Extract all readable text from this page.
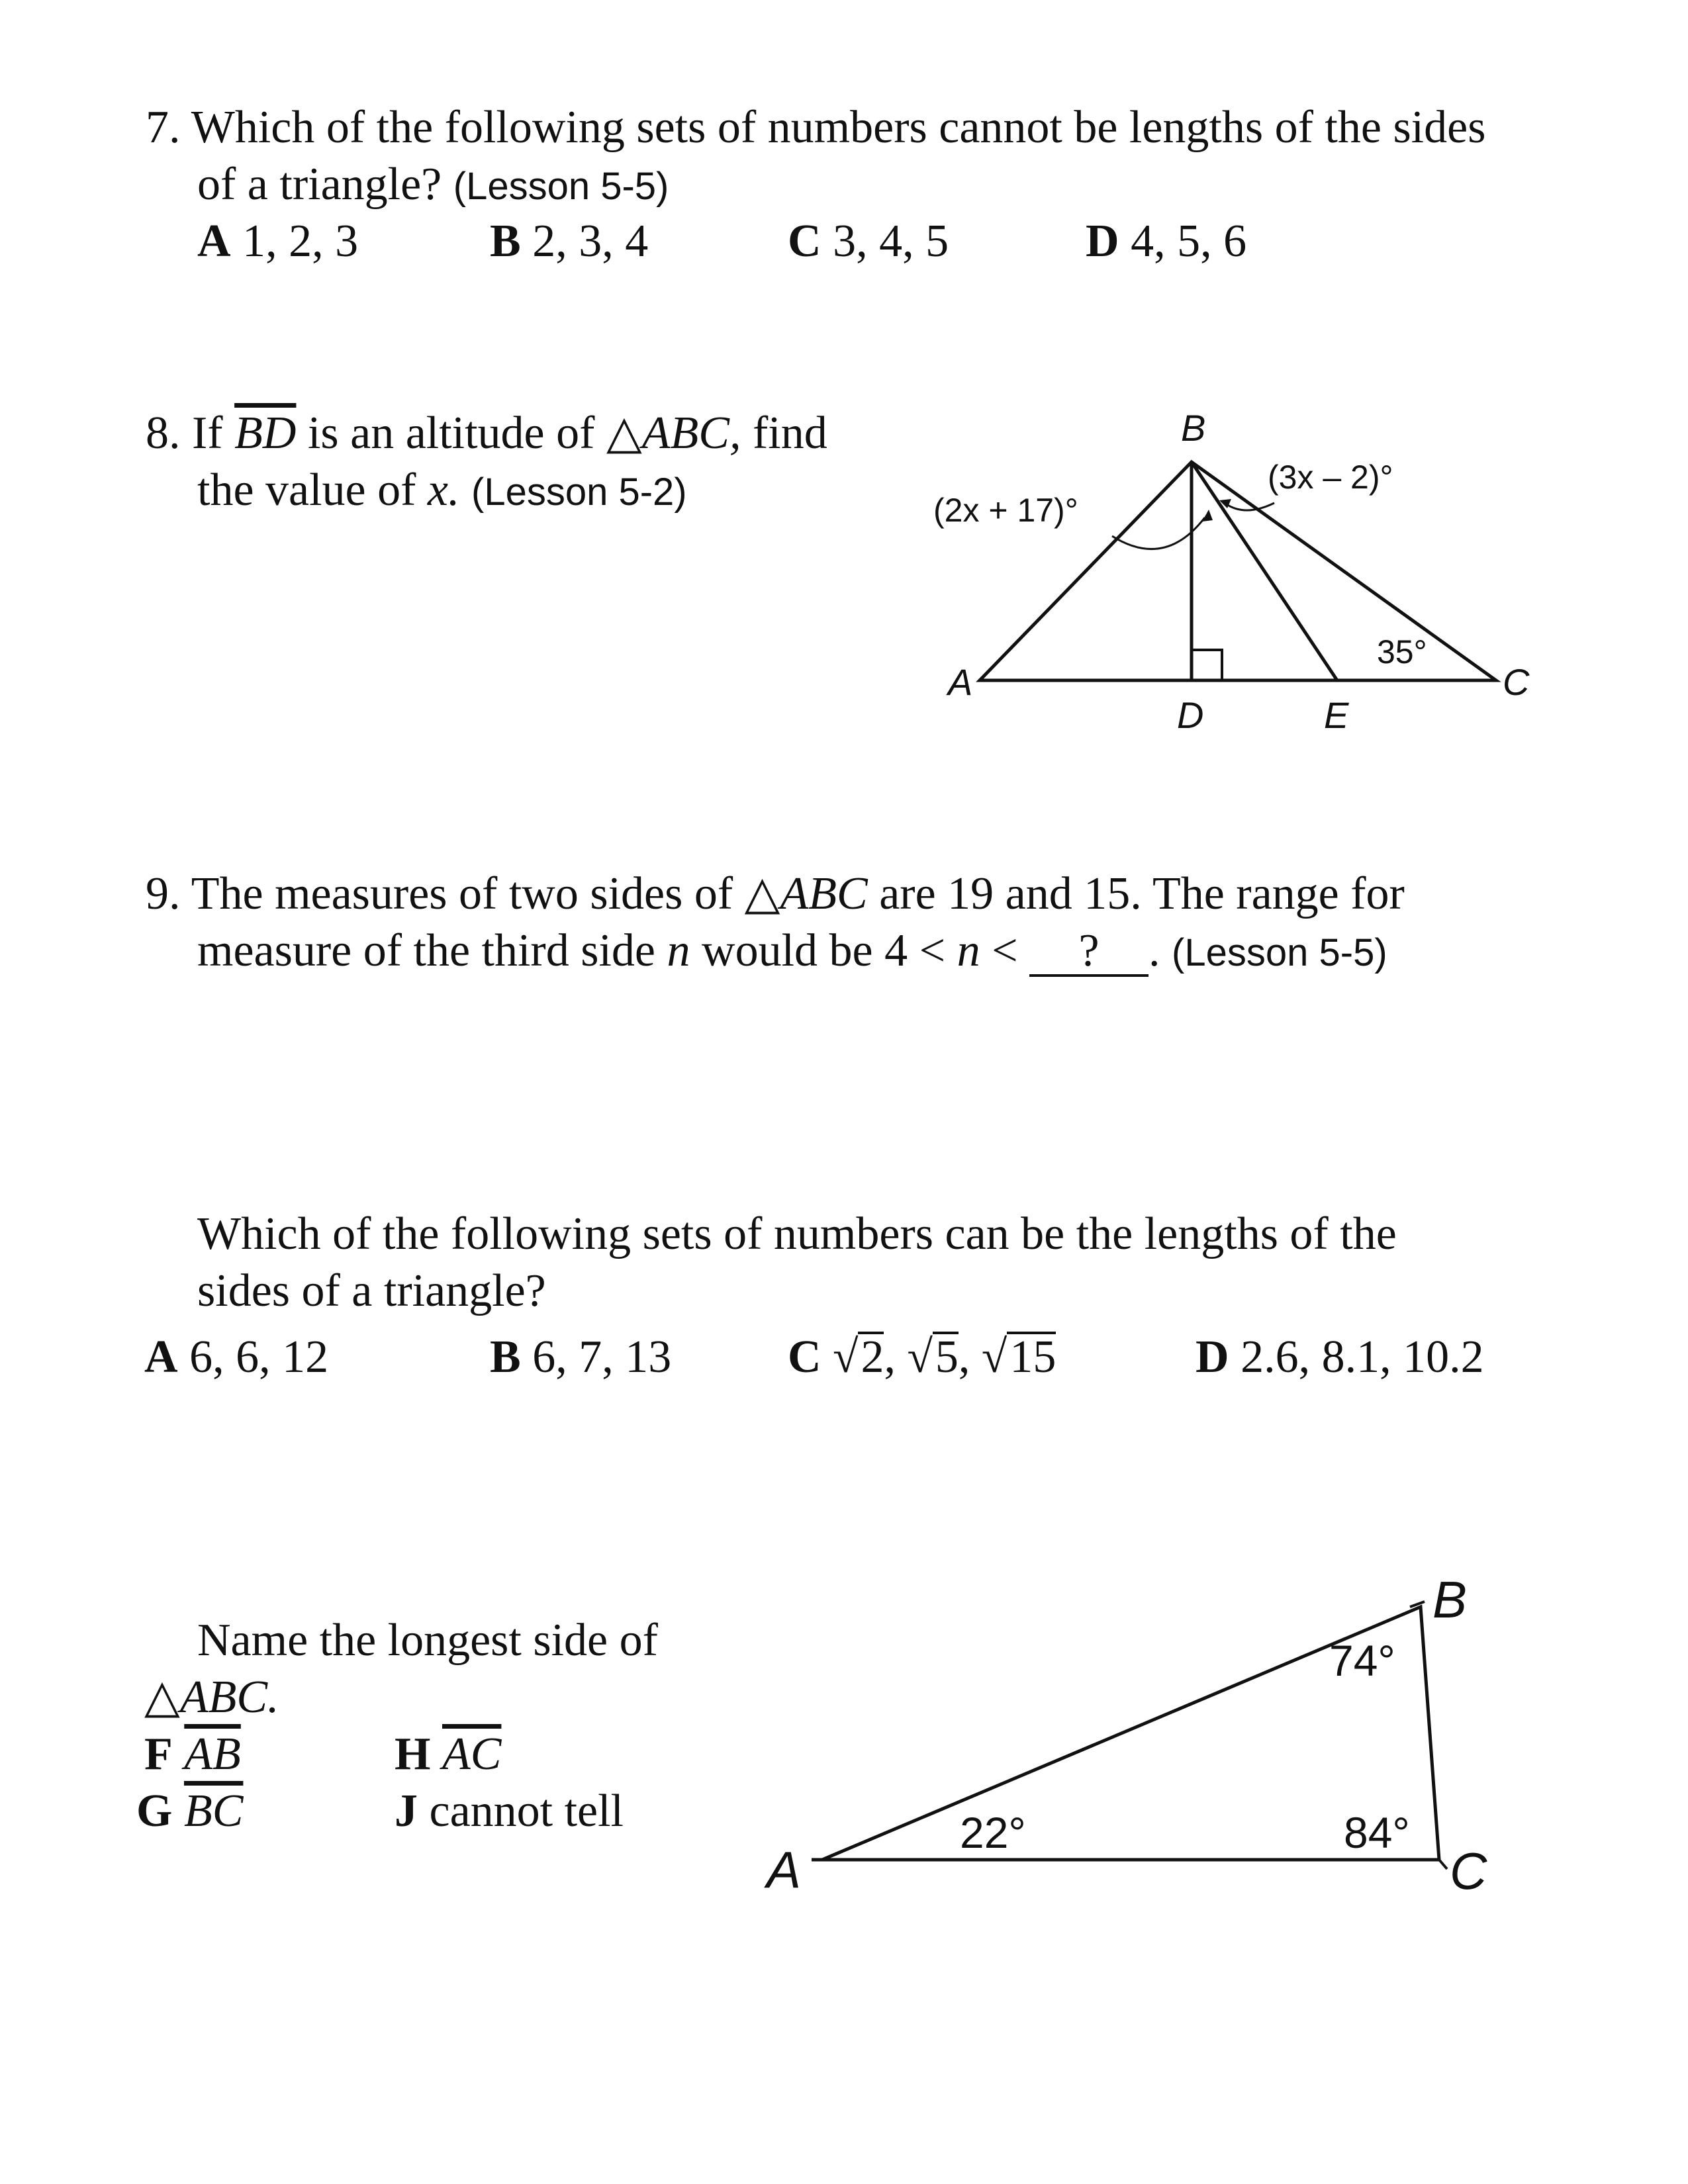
7. Which of the following sets of numbers cannot be lengths of the sides
of a triangle? (Lesson 5-5)
A 1, 2, 3	B 2, 3, 4	C 3, 4, 5	D 4, 5, 6
8. If $\overline{BD}$ is an altitude of △ABC, find
the value of x. (Lesson 5-2)
B
A	C
D	E
(2x + 17)°
(3x – 2)°
35°
9. The measures of two sides of △ABC are 19 and 15. The range for
measure of the third side n would be 4 < n < ? . (Lesson 5-5)
Which of the following sets of numbers can be the lengths of the
sides of a triangle?
A 6, 6, 12	B 6, 7, 13	C √2, √5, √15	D 2.6, 8.1, 10.2
Name the longest side of
△ABC.
F $\overline{AB}$	H $\overline{AC}$
G $\overline{BC}$	J cannot tell
A
B
C
22°
74°
84°
